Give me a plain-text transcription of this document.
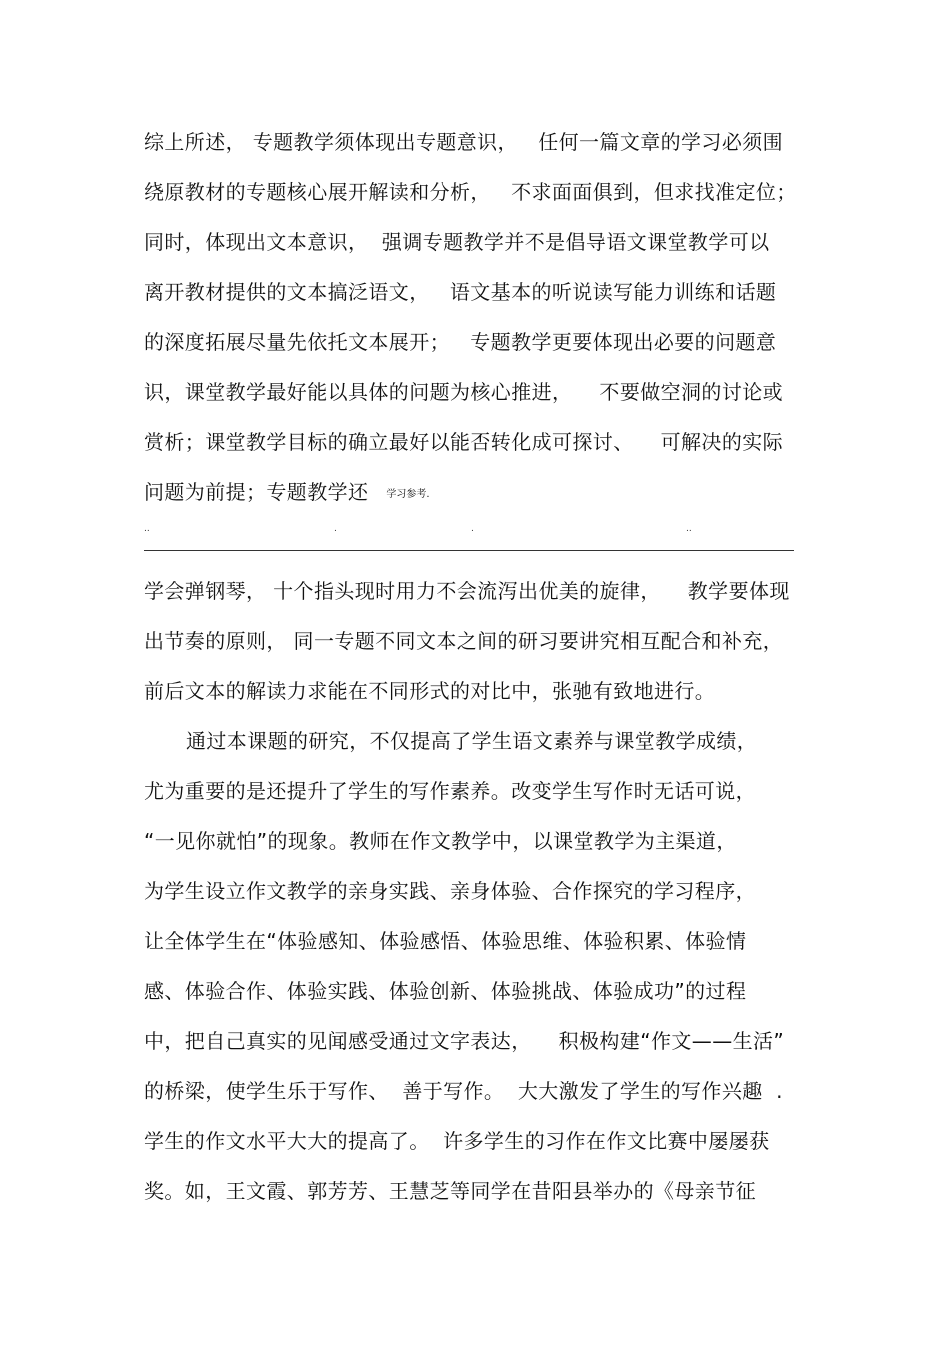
综上所述， 专题教学须体现出专题意识，   任何一篇文章的学习必须围
绕原教材的专题核心展开解读和分析，   不求面面俱到，但求找准定位；
同时，体现出文本意识，  强调专题教学并不是倡导语文课堂教学可以
离开教材提供的文本搞泛语文，   语文基本的听说读写能力训练和话题
的深度拓展尽量先依托文本展开；   专题教学更要体现出必要的问题意
识，课堂教学最好能以具体的问题为核心推进，    不要做空洞的讨论或
赏析；课堂教学目标的确立最好以能否转化成可探讨、    可解决的实际
问题为前提；专题教学还 学习参考.
..	.	.	..
学会弹钢琴， 十个指头现时用力不会流泻出优美的旋律，    教学要体现
出节奏的原则， 同一专题不同文本之间的研习要讲究相互配合和补充，
前后文本的解读力求能在不同形式的对比中，张驰有致地进行。
通过本课题的研究，不仅提高了学生语文素养与课堂教学成绩，
尤为重要的是还提升了学生的写作素养。改变学生写作时无话可说，
“一见你就怕”的现象。教师在作文教学中，以课堂教学为主渠道，
为学生设立作文教学的亲身实践、亲身体验、合作探究的学习程序，
让全体学生在“体验感知、体验感悟、体验思维、体验积累、体验情
感、体验合作、体验实践、体验创新、体验挑战、体验成功”的过程
中，把自己真实的见闻感受通过文字表达，    积极构建“作文——生活”
的桥梁，使学生乐于写作、  善于写作。  大大激发了学生的写作兴趣  .
学生的作文水平大大的提高了。  许多学生的习作在作文比赛中屡屡获
奖。如，王文霞、郭芳芳、王慧芝等同学在昔阳县举办的《母亲节征
